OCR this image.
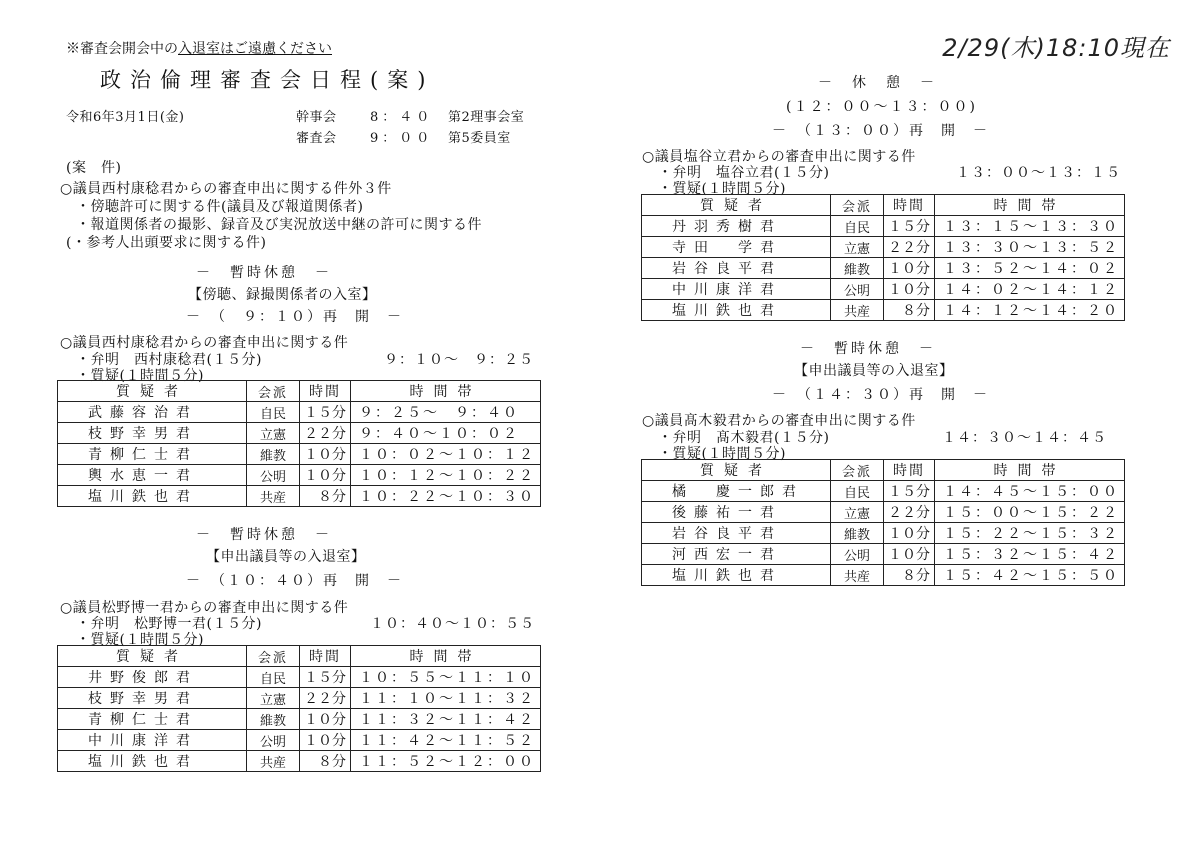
※審査会開会中の入退室はご遠慮ください
政治倫理審査会日程(案)
2/29(木)18:10現在
令和6年3月1日(金)	幹事会	8：４０ 第2理事会室
審査会	9：００ 第5委員室
(案　件)
○議員西村康稔君からの審査申出に関する件外３件
・傍聴許可に関する件(議員及び報道関係者)
・報道関係者の撮影、録音及び実況放送中継の許可に関する件
(・参考人出頭要求に関する件)
－　暫時休憩　－
【傍聴、録撮関係者の入室】
－　（　９：１０）再　開　－
○議員西村康稔君からの審査申出に関する件
・弁明　西村康稔君(１５分)	９：１０～　９：２５
・質疑(１時間５分)
質疑者	会派	時間	時間帯
武藤容治君	自民	１５分	９：２５～　９：４０
枝野幸男君	立憲	２２分	９：４０～１０：０２
青柳仁士君	維教	１０分	１０：０２～１０：１２
輿水恵一君	公明	１０分	１０：１２～１０：２２
塩川鉄也君	共産	８分	１０：２２～１０：３０
－　暫時休憩　－
【申出議員等の入退室】
－　（１０：４０）再　開　－
○議員松野博一君からの審査申出に関する件
・弁明　松野博一君(１５分)	１０：４０～１０：５５
・質疑(１時間５分)
質疑者	会派	時間	時間帯
井野俊郎君	自民	１５分	１０：５５～１１：１０
枝野幸男君	立憲	２２分	１１：１０～１１：３２
青柳仁士君	維教	１０分	１１：３２～１１：４２
中川康洋君	公明	１０分	１１：４２～１１：５２
塩川鉄也君	共産	８分	１１：５２～１２：００
－　休　憩　－
(１２：００～１３：００)
－　（１３：００）再　開　－
○議員塩谷立君からの審査申出に関する件
・弁明　塩谷立君(１５分)	１３：００～１３：１５
・質疑(１時間５分)
質疑者	会派	時間	時間帯
丹羽秀樹君	自民	１５分	１３：１５～１３：３０
寺田　学君	立憲	２２分	１３：３０～１３：５２
岩谷良平君	維教	１０分	１３：５２～１４：０２
中川康洋君	公明	１０分	１４：０２～１４：１２
塩川鉄也君	共産	８分	１４：１２～１４：２０
－　暫時休憩　－
【申出議員等の入退室】
－　（１４：３０）再　開　－
○議員髙木毅君からの審査申出に関する件
・弁明　髙木毅君(１５分)	１４：３０～１４：４５
・質疑(１時間５分)
質疑者	会派	時間	時間帯
橘　慶一郎君	自民	１５分	１４：４５～１５：００
後藤祐一君	立憲	２２分	１５：００～１５：２２
岩谷良平君	維教	１０分	１５：２２～１５：３２
河西宏一君	公明	１０分	１５：３２～１５：４２
塩川鉄也君	共産	８分	１５：４２～１５：５０
